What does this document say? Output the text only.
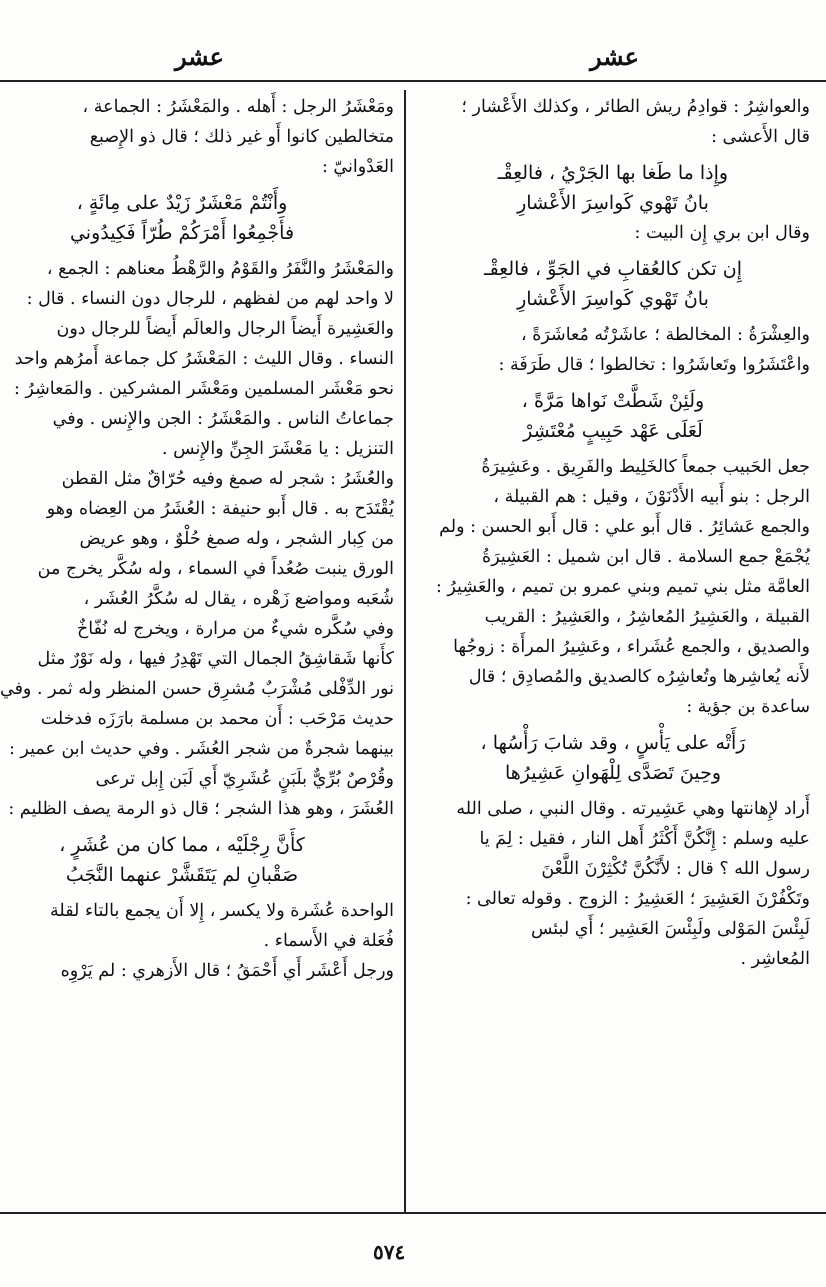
عشر	عشر

والعواشِرُ : قوادِمُ ريش الطائر ، وكذلك الأَعْشار ؛

قال الأَعشى :

وإِذا ما طَغا بها الجَرْيُ ، فالعِقْـ

بانُ تَهْوي كَواسِرَ الأَعْشارِ

وقال ابن بري إِن البيت :

إِن تكن كالعُقابِ في الجَوِّ ، فالعِقْـ

بانُ تَهْوي كَواسِرَ الأَعْشارِ

والعِشْرَةُ : المخالطة ؛ عاشَرْتُه مُعاشَرَةً ،

واعْتَشَرُوا وتَعاشَرُوا : تخالطوا ؛ قال طَرَفَة :

ولَئِنْ شَطَّتْ نَواها مَرَّةً ،

لَعَلَى عَهْد حَبِيبٍ مُعْتَشِرْ

جعل الحَبيب جمعاً كالخَلِيط والفَرِيق . وعَشِيرَةُ

الرجل : بنو أَبيه الأَدْنَوْنَ ، وقيل : هم القبيلة ،

والجمع عَشائِرُ . قال أَبو علي : قال أَبو الحسن : ولم

يُجْمَعْ جمع السلامة . قال ابن شميل : العَشِيرَةُ

العامَّة مثل بني تميم وبني عمرو بن تميم ، والعَشِيرُ :

القبيلة ، والعَشِيرُ المُعاشِرُ ، والعَشِيرُ : القريب

والصديق ، والجمع عُشَراء ، وعَشِيرُ المرأَة : زوجُها

لأَنه يُعاشِرها وتُعاشِرُه كالصديق والمُصادِق ؛ قال

ساعدة بن جؤية :

رَأَتْه على يَأْسٍ ، وقد شابَ رَأْسُها ،

وحِينَ تَصَدَّى لِلْهَوانِ عَشِيرُها

أَراد لإِهانتها وهي عَشِيرته . وقال النبي ، صلى الله

عليه وسلم : إِنَّكُنَّ أَكْثَرُ أَهل النار ، فقيل : لِمَ يا

رسول الله ؟ قال : لأَنَّكُنَّ تُكْثِرْنَ اللَّعْنَ

وتَكْفُرْنَ العَشِيرَ ؛ العَشِيرُ : الزوج . وقوله تعالى :

لَبِئْسَ المَوْلى ولَبِئْسَ العَشِير ؛ أَي لبئس

المُعاشِر .

ومَعْشَرُ الرجل : أَهله . والمَعْشَرُ : الجماعة ،

متخالطين كانوا أَو غير ذلك ؛ قال ذو الإِصبع

العَدْوانيّ :

وأَنْتُمْ مَعْشَرٌ زَيْدٌ على مِائَةٍ ،

فأَجْمِعُوا أَمْرَكُمْ طُرّاً فَكِيدُوني

والمَعْشَرُ والنَّفَرُ والقَوْمُ والرَّهْطُ معناهم : الجمع ،

لا واحد لهم من لفظهم ، للرجال دون النساء . قال :

والعَشِيرة أَيضاً الرجال والعالَم أَيضاً للرجال دون

النساء . وقال الليث : المَعْشَرُ كل جماعة أَمرُهم واحد

نحو مَعْشَر المسلمين ومَعْشَر المشركين . والمَعاشِرُ :

جماعاتُ الناس . والمَعْشَرُ : الجن والإِنس . وفي

التنزيل : يا مَعْشَرَ الجِنِّ والإِنس .

والعُشَرُ : شجر له صمغ وفيه حُرّاقٌ مثل القطن

يُقْتَدَح به . قال أَبو حنيفة : العُشَرُ من العِضاه وهو

من كِبار الشجر ، وله صمغ حُلْوٌ ، وهو عريض

الورق ينبت صُعُداً في السماء ، وله سُكَّر يخرج من

شُعَبه ومواضع زَهْره ، يقال له سُكَّرُ العُشَر ،

وفي سُكَّره شيءٌ من مرارة ، ويخرج له نُفّاخٌ

كأَنها شَقاشِقُ الجمال التي تَهْدِرُ فيها ، وله نَوْرٌ مثل

نور الدِّفْلى مُشْرَبٌ مُشرِق حسن المنظر وله ثمر . وفي

حديث مَرْحَب : أَن محمد بن مسلمة بارَزَه فدخلت

بينهما شجرةٌ من شجر العُشَر . وفي حديث ابن عمير :

وقُرْصٌ بُرِّيٌّ بلَبَنٍ عُشَرِيّ أَي لَبَن إِبل ترعى

العُشَرَ ، وهو هذا الشجر ؛ قال ذو الرمة يصف الظليم :

كأَنَّ رِجْلَيْه ، مما كان من عُشَرٍ ،

صَقْبانِ لم يَتَقَشَّرْ عنهما النَّجَبُ

الواحدة عُشَرة ولا يكسر ، إِلا أَن يجمع بالتاء لقلة

فُعَلة في الأَسماء .

ورجل أَعْشَر أَي أَحْمَقُ ؛ قال الأَزهري : لم يَرْوِه

٥٧٤
